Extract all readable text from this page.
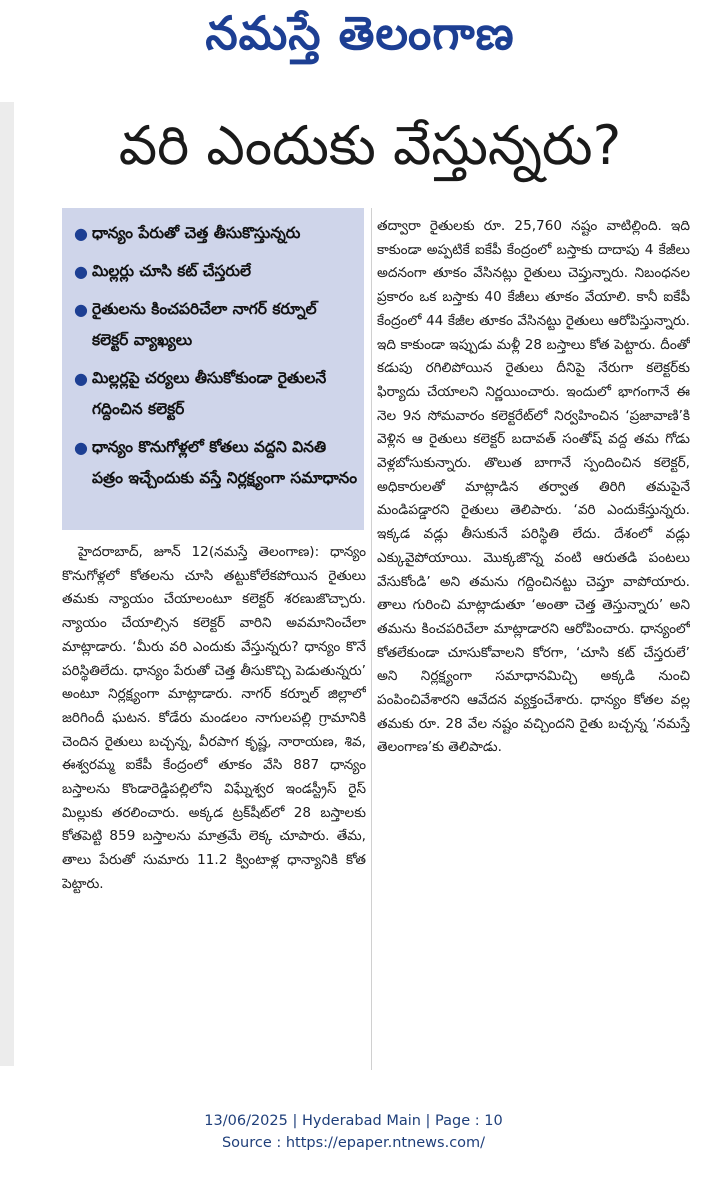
నమస్తే తెలంగాణ
వరి ఎందుకు వేస్తున్నరు?
● ధాన్యం పేరుతో చెత్త తీసుకొస్తున్నరు
● మిల్లర్లు చూసి కట్ చేస్తరులే
● రైతులను కించపరిచేలా నాగర్ కర్నూల్ కలెక్టర్ వ్యాఖ్యలు
● మిల్లర్లపై చర్యలు తీసుకోకుండా రైతులనే గద్దించిన కలెక్టర్
● ధాన్యం కొనుగోళ్లలో కోతలు వద్దని వినతి పత్రం ఇచ్చేందుకు వస్తే నిర్లక్ష్యంగా సమాధానం

హైదరాబాద్, జూన్ 12(నమస్తే తెలంగాణ): ధాన్యం కొనుగోళ్లలో కోతలను చూసి తట్టుకోలేకపోయిన రైతులు తమకు న్యాయం చేయాలంటూ కలెక్టర్ శరణుజొచ్చారు. న్యాయం చేయాల్సిన కలెక్టర్ వారిని అవమానించేలా మాట్లాడారు. ‘మీరు వరి ఎందుకు వేస్తున్నరు? ధాన్యం కొనే పరిస్థితిలేదు. ధాన్యం పేరుతో చెత్త తీసుకొచ్చి పెడుతున్నరు’ అంటూ నిర్లక్ష్యంగా మాట్లాడారు. నాగర్ కర్నూల్ జిల్లాలో జరిగిందీ ఘటన. కోడేరు మండలం నాగులపల్లి గ్రామానికి చెందిన రైతులు బచ్చన్న, వీరపాగ కృష్ణ, నారాయణ, శివ, ఈశ్వరమ్మ ఐకేపీ కేంద్రంలో తూకం వేసి 887 ధాన్యం బస్తాలను కొండారెడ్డిపల్లిలోని విఘ్నేశ్వర ఇండస్ట్రీస్ రైస్ మిల్లుకు తరలించారు. అక్కడ ట్రక్‌షీట్‌లో 28 బస్తాలకు కోతపెట్టి 859 బస్తాలను మాత్రమే లెక్క చూపారు. తేమ, తాలు పేరుతో సుమారు 11.2 క్వింటాళ్ల ధాన్యానికి కోత పెట్టారు.

తద్వారా రైతులకు రూ. 25,760 నష్టం వాటిల్లింది. ఇది కాకుండా అప్పటికే ఐకేపీ కేంద్రంలో బస్తాకు దాదాపు 4 కేజీలు అదనంగా తూకం వేసినట్లు రైతులు చెప్తున్నారు. నిబంధనల ప్రకారం ఒక బస్తాకు 40 కేజీలు తూకం వేయాలి. కానీ ఐకేపీ కేంద్రంలో 44 కేజీల తూకం వేసినట్టు రైతులు ఆరోపిస్తున్నారు. ఇది కాకుండా ఇప్పుడు మళ్లీ 28 బస్తాలు కోత పెట్టారు. దీంతో కడుపు రగిలిపోయిన రైతులు దీనిపై నేరుగా కలెక్టర్‌కు ఫిర్యాదు చేయాలని నిర్ణయించారు. ఇందులో భాగంగానే ఈ నెల 9న సోమవారం కలెక్టరేట్‌లో నిర్వహించిన ‘ప్రజావాణి’కి వెళ్లిన ఆ రైతులు కలెక్టర్ బదావత్ సంతోష్ వద్ద తమ గోడు వెళ్లబోసుకున్నారు. తొలుత బాగానే స్పందించిన కలెక్టర్, అధికారులతో మాట్లాడిన తర్వాత తిరిగి తమపైనే మండిపడ్డారని రైతులు తెలిపారు. ‘వరి ఎందుకేస్తున్నరు. ఇక్కడ వడ్లు తీసుకునే పరిస్థితి లేదు. దేశంలో వడ్లు ఎక్కువైపోయాయి. మొక్కజొన్న వంటి ఆరుతడి పంటలు వేసుకోండి’ అని తమను గద్దించినట్టు చెప్తూ వాపోయారు. తాలు గురించి మాట్లాడుతూ ‘అంతా చెత్త తెస్తున్నారు’ అని తమను కించపరిచేలా మాట్లాడారని ఆరోపించారు. ధాన్యంలో కోతలేకుండా చూసుకోవాలని కోరగా, ‘చూసి కట్ చేస్తరులే’ అని నిర్లక్ష్యంగా సమాధానమిచ్చి అక్కడి నుంచి పంపించివేశారని ఆవేదన వ్యక్తంచేశారు. ధాన్యం కోతల వల్ల తమకు రూ. 28 వేల నష్టం వచ్చిందని రైతు బచ్చన్న ‘నమస్తే తెలంగాణ’కు తెలిపాడు.

13/06/2025 | Hyderabad Main | Page : 10
Source : https://epaper.ntnews.com/
